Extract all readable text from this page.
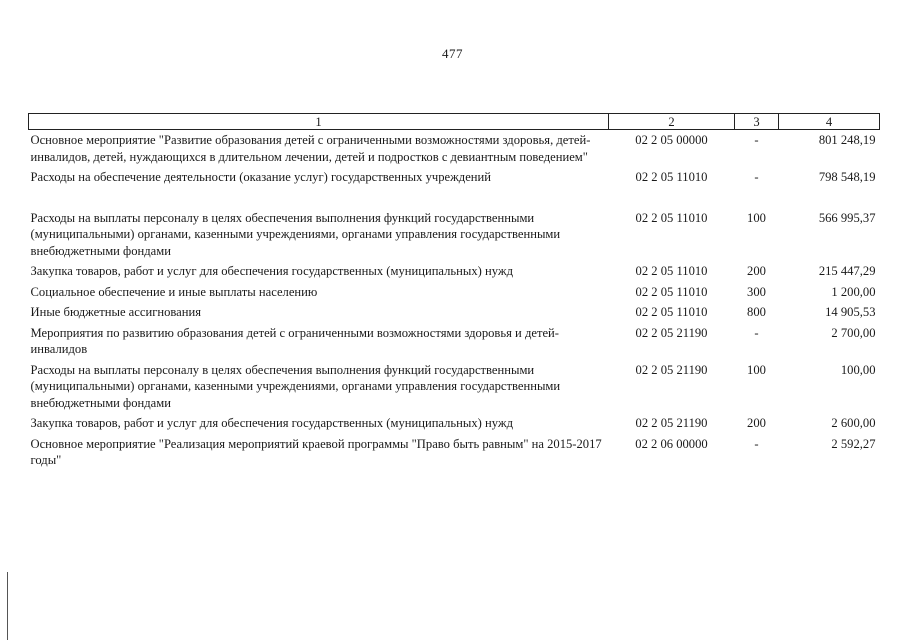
477
1	2	3	4
Основное мероприятие "Развитие образования детей с ограниченными возможностями здоровья, детей-инвалидов, детей, нуждающихся в длительном лечении, детей и подростков с девиантным поведением"	02 2 05 00000	-	801 248,19
Расходы на обеспечение деятельности (оказание услуг) государственных учреждений	02 2 05 11010	-	798 548,19
Расходы на выплаты персоналу в целях обеспечения выполнения функций государственными (муниципальными) органами, казенными учреждениями, органами управления государственными внебюджетными фондами	02 2 05 11010	100	566 995,37
Закупка товаров, работ и услуг для обеспечения государственных (муниципальных) нужд	02 2 05 11010	200	215 447,29
Социальное обеспечение и иные выплаты населению	02 2 05 11010	300	1 200,00
Иные бюджетные ассигнования	02 2 05 11010	800	14 905,53
Мероприятия по развитию образования детей с ограниченными возможностями здоровья и детей-инвалидов	02 2 05 21190	-	2 700,00
Расходы на выплаты персоналу в целях обеспечения выполнения функций государственными (муниципальными) органами, казенными учреждениями, органами управления государственными внебюджетными фондами	02 2 05 21190	100	100,00
Закупка товаров, работ и услуг для обеспечения государственных (муниципальных) нужд	02 2 05 21190	200	2 600,00
Основное мероприятие "Реализация мероприятий краевой программы "Право быть равным" на 2015-2017 годы"	02 2 06 00000	-	2 592,27
